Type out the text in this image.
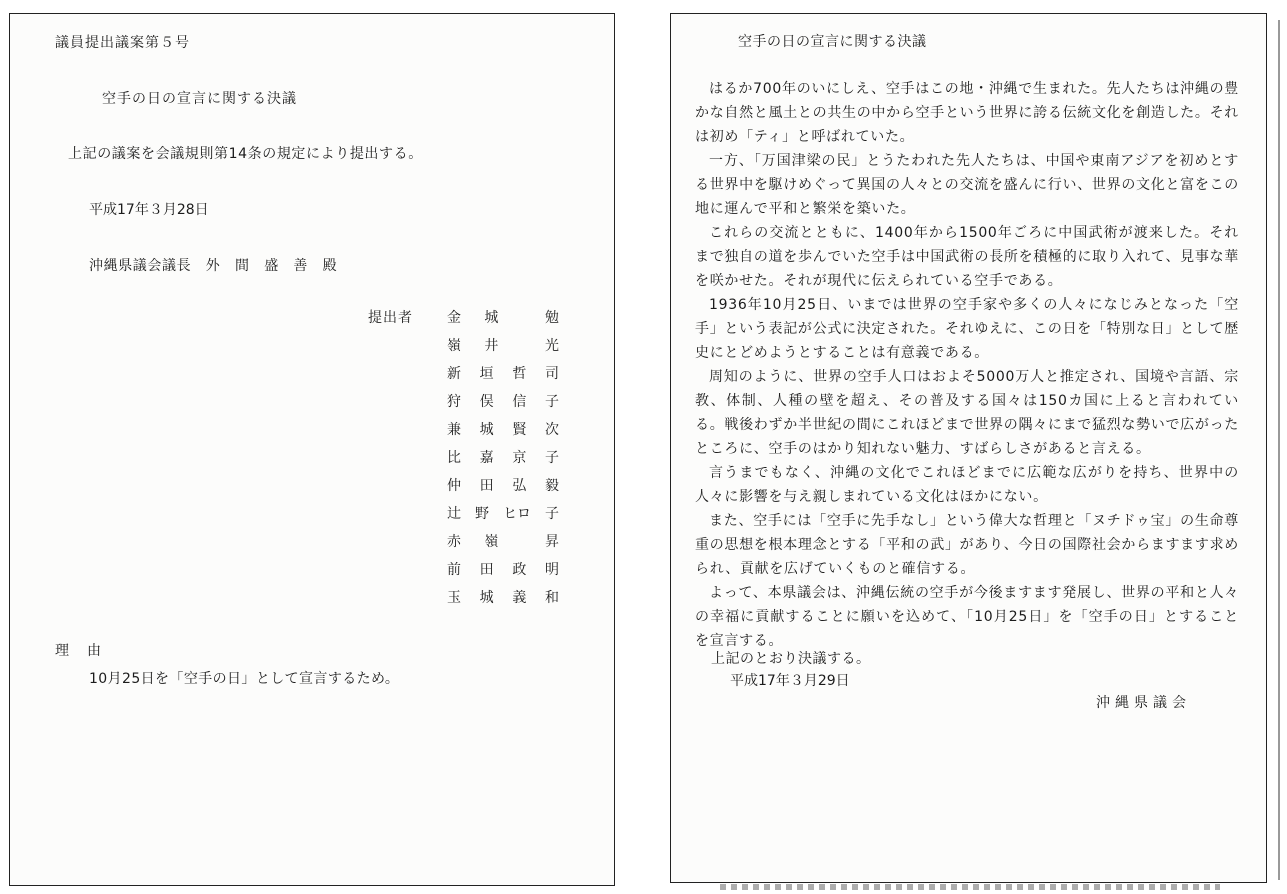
議員提出議案第５号
空手の日の宣言に関する決議
上記の議案を会議規則第14条の規定により提出する。
平成17年３月28日
沖縄県議会議長　外　間　盛　善　殿
提出者 金 城	勉
嶺 井	光
新 垣 哲 司
狩 俣 信 子
兼 城 賢 次
比 嘉 京 子
仲 田 弘 毅
辻 野 ヒロ 子
赤 嶺	昇
前 田 政 明
玉 城 義 和
理　由
10月25日を「空手の日」として宣言するため。
空手の日の宣言に関する決議

はるか700年のいにしえ、空手はこの地・沖縄で生まれた。先人たちは沖縄の豊かな自然と風土との共生の中から空手という世界に誇る伝統文化を創造した。それは初め「ティ」と呼ばれていた。

一方、「万国津梁の民」とうたわれた先人たちは、中国や東南アジアを初めとする世界中を駆けめぐって異国の人々との交流を盛んに行い、世界の文化と富をこの地に運んで平和と繁栄を築いた。

これらの交流とともに、1400年から1500年ごろに中国武術が渡来した。それまで独自の道を歩んでいた空手は中国武術の長所を積極的に取り入れて、見事な華を咲かせた。それが現代に伝えられている空手である。

1936年10月25日、いまでは世界の空手家や多くの人々になじみとなった「空手」という表記が公式に決定された。それゆえに、この日を「特別な日」として歴史にとどめようとすることは有意義である。

周知のように、世界の空手人口はおよそ5000万人と推定され、国境や言語、宗教、体制、人種の壁を超え、その普及する国々は150カ国に上ると言われている。戦後わずか半世紀の間にこれほどまで世界の隅々にまで猛烈な勢いで広がったところに、空手のはかり知れない魅力、すばらしさがあると言える。

言うまでもなく、沖縄の文化でこれほどまでに広範な広がりを持ち、世界中の人々に影響を与え親しまれている文化はほかにない。

また、空手には「空手に先手なし」という偉大な哲理と「ヌチドゥ宝」の生命尊重の思想を根本理念とする「平和の武」があり、今日の国際社会からますます求められ、貢献を広げていくものと確信する。

よって、本県議会は、沖縄伝統の空手が今後ますます発展し、世界の平和と人々の幸福に貢献することに願いを込めて、「10月25日」を「空手の日」とすることを宣言する。

上記のとおり決議する。
平成17年３月29日
沖縄県議会
